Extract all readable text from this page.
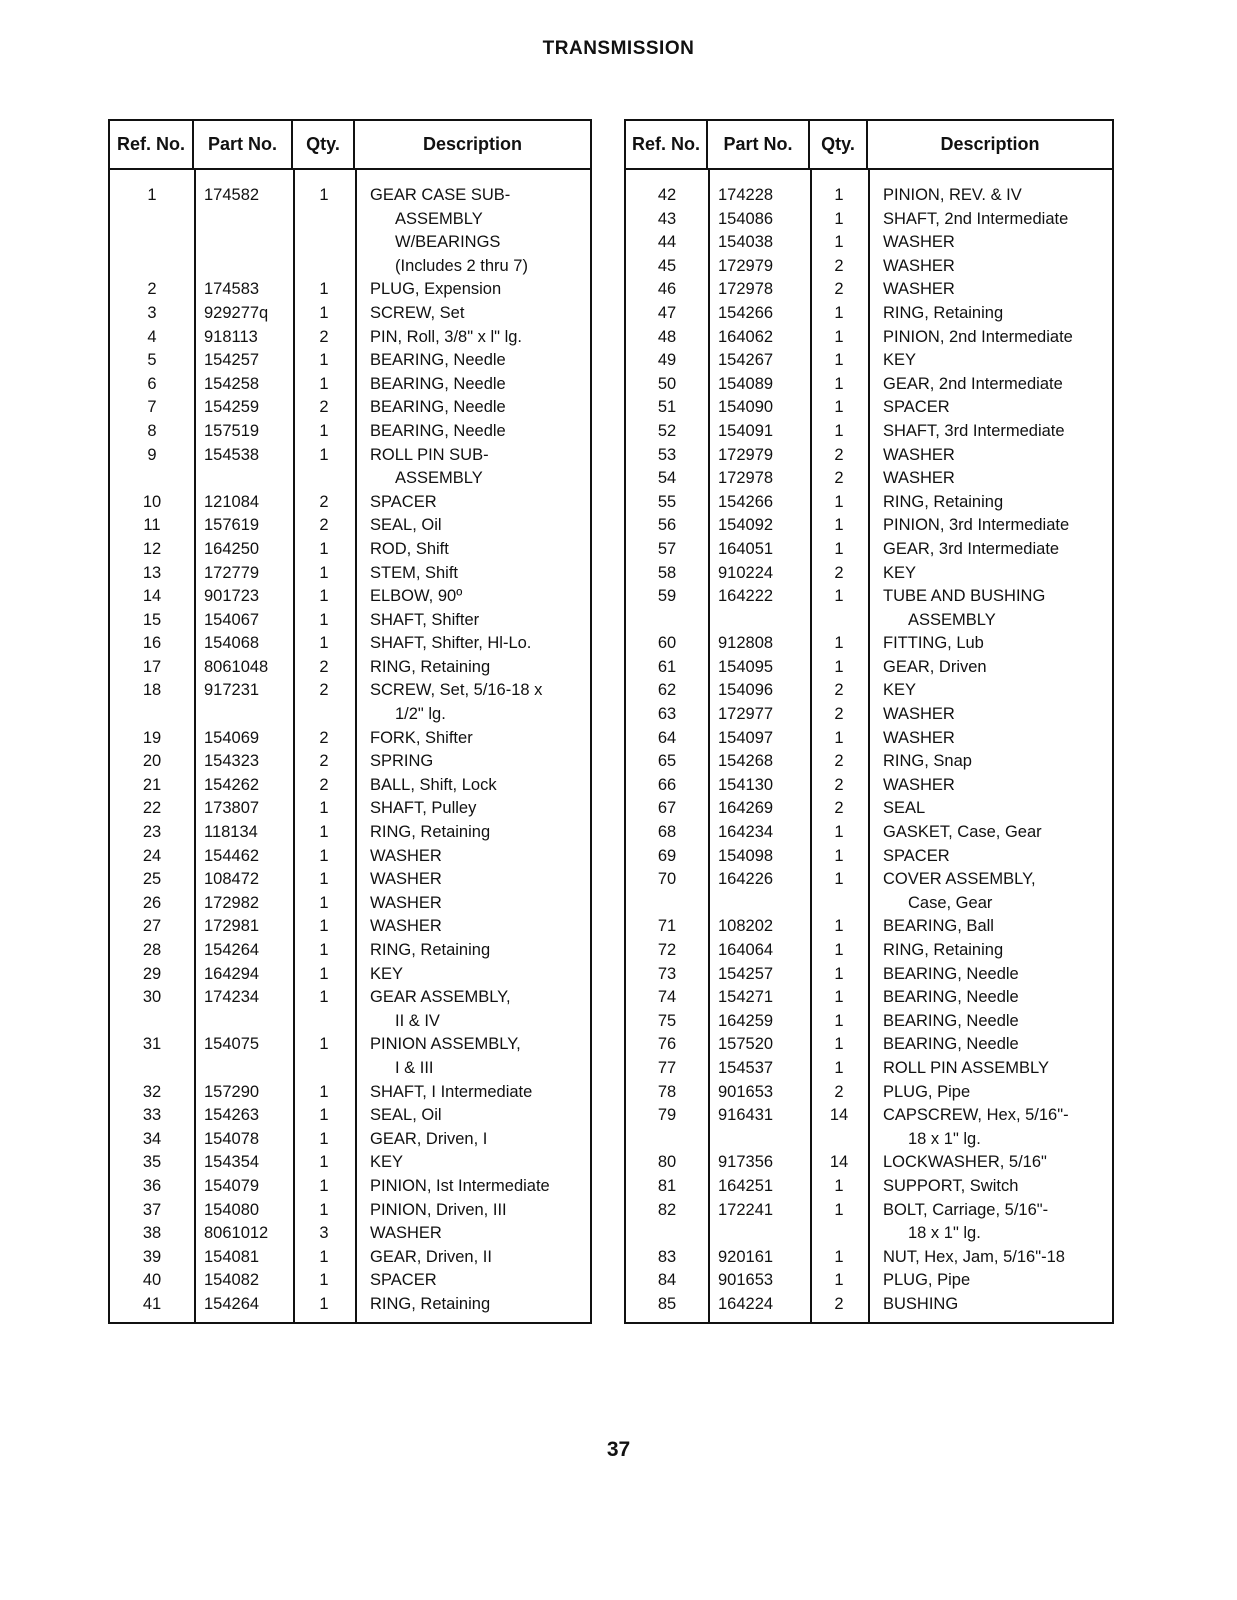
TRANSMISSION
Ref. No.	Part No.	Qty.	Description
1	174582	1	GEAR CASE SUB-
ASSEMBLY
W/BEARINGS
(Includes 2 thru 7)
2	174583	1	PLUG, Expension
3	929277q	1	SCREW, Set
4	918113	2	PIN, Roll, 3/8" x l" lg.
5	154257	1	BEARING, Needle
6	154258	1	BEARING, Needle
7	154259	2	BEARING, Needle
8	157519	1	BEARING, Needle
9	154538	1	ROLL PIN SUB-
ASSEMBLY
10	121084	2	SPACER
11	157619	2	SEAL, Oil
12	164250	1	ROD, Shift
13	172779	1	STEM, Shift
14	901723	1	ELBOW, 90º
15	154067	1	SHAFT, Shifter
16	154068	1	SHAFT, Shifter, Hl-Lo.
17	8061048	2	RING, Retaining
18	917231	2	SCREW, Set, 5/16-18 x
1/2" lg.
19	154069	2	FORK, Shifter
20	154323	2	SPRING
21	154262	2	BALL, Shift, Lock
22	173807	1	SHAFT, Pulley
23	118134	1	RING, Retaining
24	154462	1	WASHER
25	108472	1	WASHER
26	172982	1	WASHER
27	172981	1	WASHER
28	154264	1	RING, Retaining
29	164294	1	KEY
30	174234	1	GEAR ASSEMBLY,
II & IV
31	154075	1	PINION ASSEMBLY,
I & III
32	157290	1	SHAFT, I Intermediate
33	154263	1	SEAL, Oil
34	154078	1	GEAR, Driven, I
35	154354	1	KEY
36	154079	1	PINION, Ist Intermediate
37	154080	1	PINION, Driven, III
38	8061012	3	WASHER
39	154081	1	GEAR, Driven, II
40	154082	1	SPACER
41	154264	1	RING, Retaining
Ref. No.	Part No.	Qty.	Description
42	174228	1	PINION, REV. & IV
43	154086	1	SHAFT, 2nd Intermediate
44	154038	1	WASHER
45	172979	2	WASHER
46	172978	2	WASHER
47	154266	1	RING, Retaining
48	164062	1	PINION, 2nd Intermediate
49	154267	1	KEY
50	154089	1	GEAR, 2nd Intermediate
51	154090	1	SPACER
52	154091	1	SHAFT, 3rd Intermediate
53	172979	2	WASHER
54	172978	2	WASHER
55	154266	1	RING, Retaining
56	154092	1	PINION, 3rd Intermediate
57	164051	1	GEAR, 3rd Intermediate
58	910224	2	KEY
59	164222	1	TUBE AND BUSHING
ASSEMBLY
60	912808	1	FITTING, Lub
61	154095	1	GEAR, Driven
62	154096	2	KEY
63	172977	2	WASHER
64	154097	1	WASHER
65	154268	2	RING, Snap
66	154130	2	WASHER
67	164269	2	SEAL
68	164234	1	GASKET, Case, Gear
69	154098	1	SPACER
70	164226	1	COVER ASSEMBLY,
Case, Gear
71	108202	1	BEARING, Ball
72	164064	1	RING, Retaining
73	154257	1	BEARING, Needle
74	154271	1	BEARING, Needle
75	164259	1	BEARING, Needle
76	157520	1	BEARING, Needle
77	154537	1	ROLL PIN ASSEMBLY
78	901653	2	PLUG, Pipe
79	916431	14	CAPSCREW, Hex, 5/16"-
18 x 1" lg.
80	917356	14	LOCKWASHER, 5/16"
81	164251	1	SUPPORT, Switch
82	172241	1	BOLT, Carriage, 5/16"-
18 x 1" lg.
83	920161	1	NUT, Hex, Jam, 5/16"-18
84	901653	1	PLUG, Pipe
85	164224	2	BUSHING
37
